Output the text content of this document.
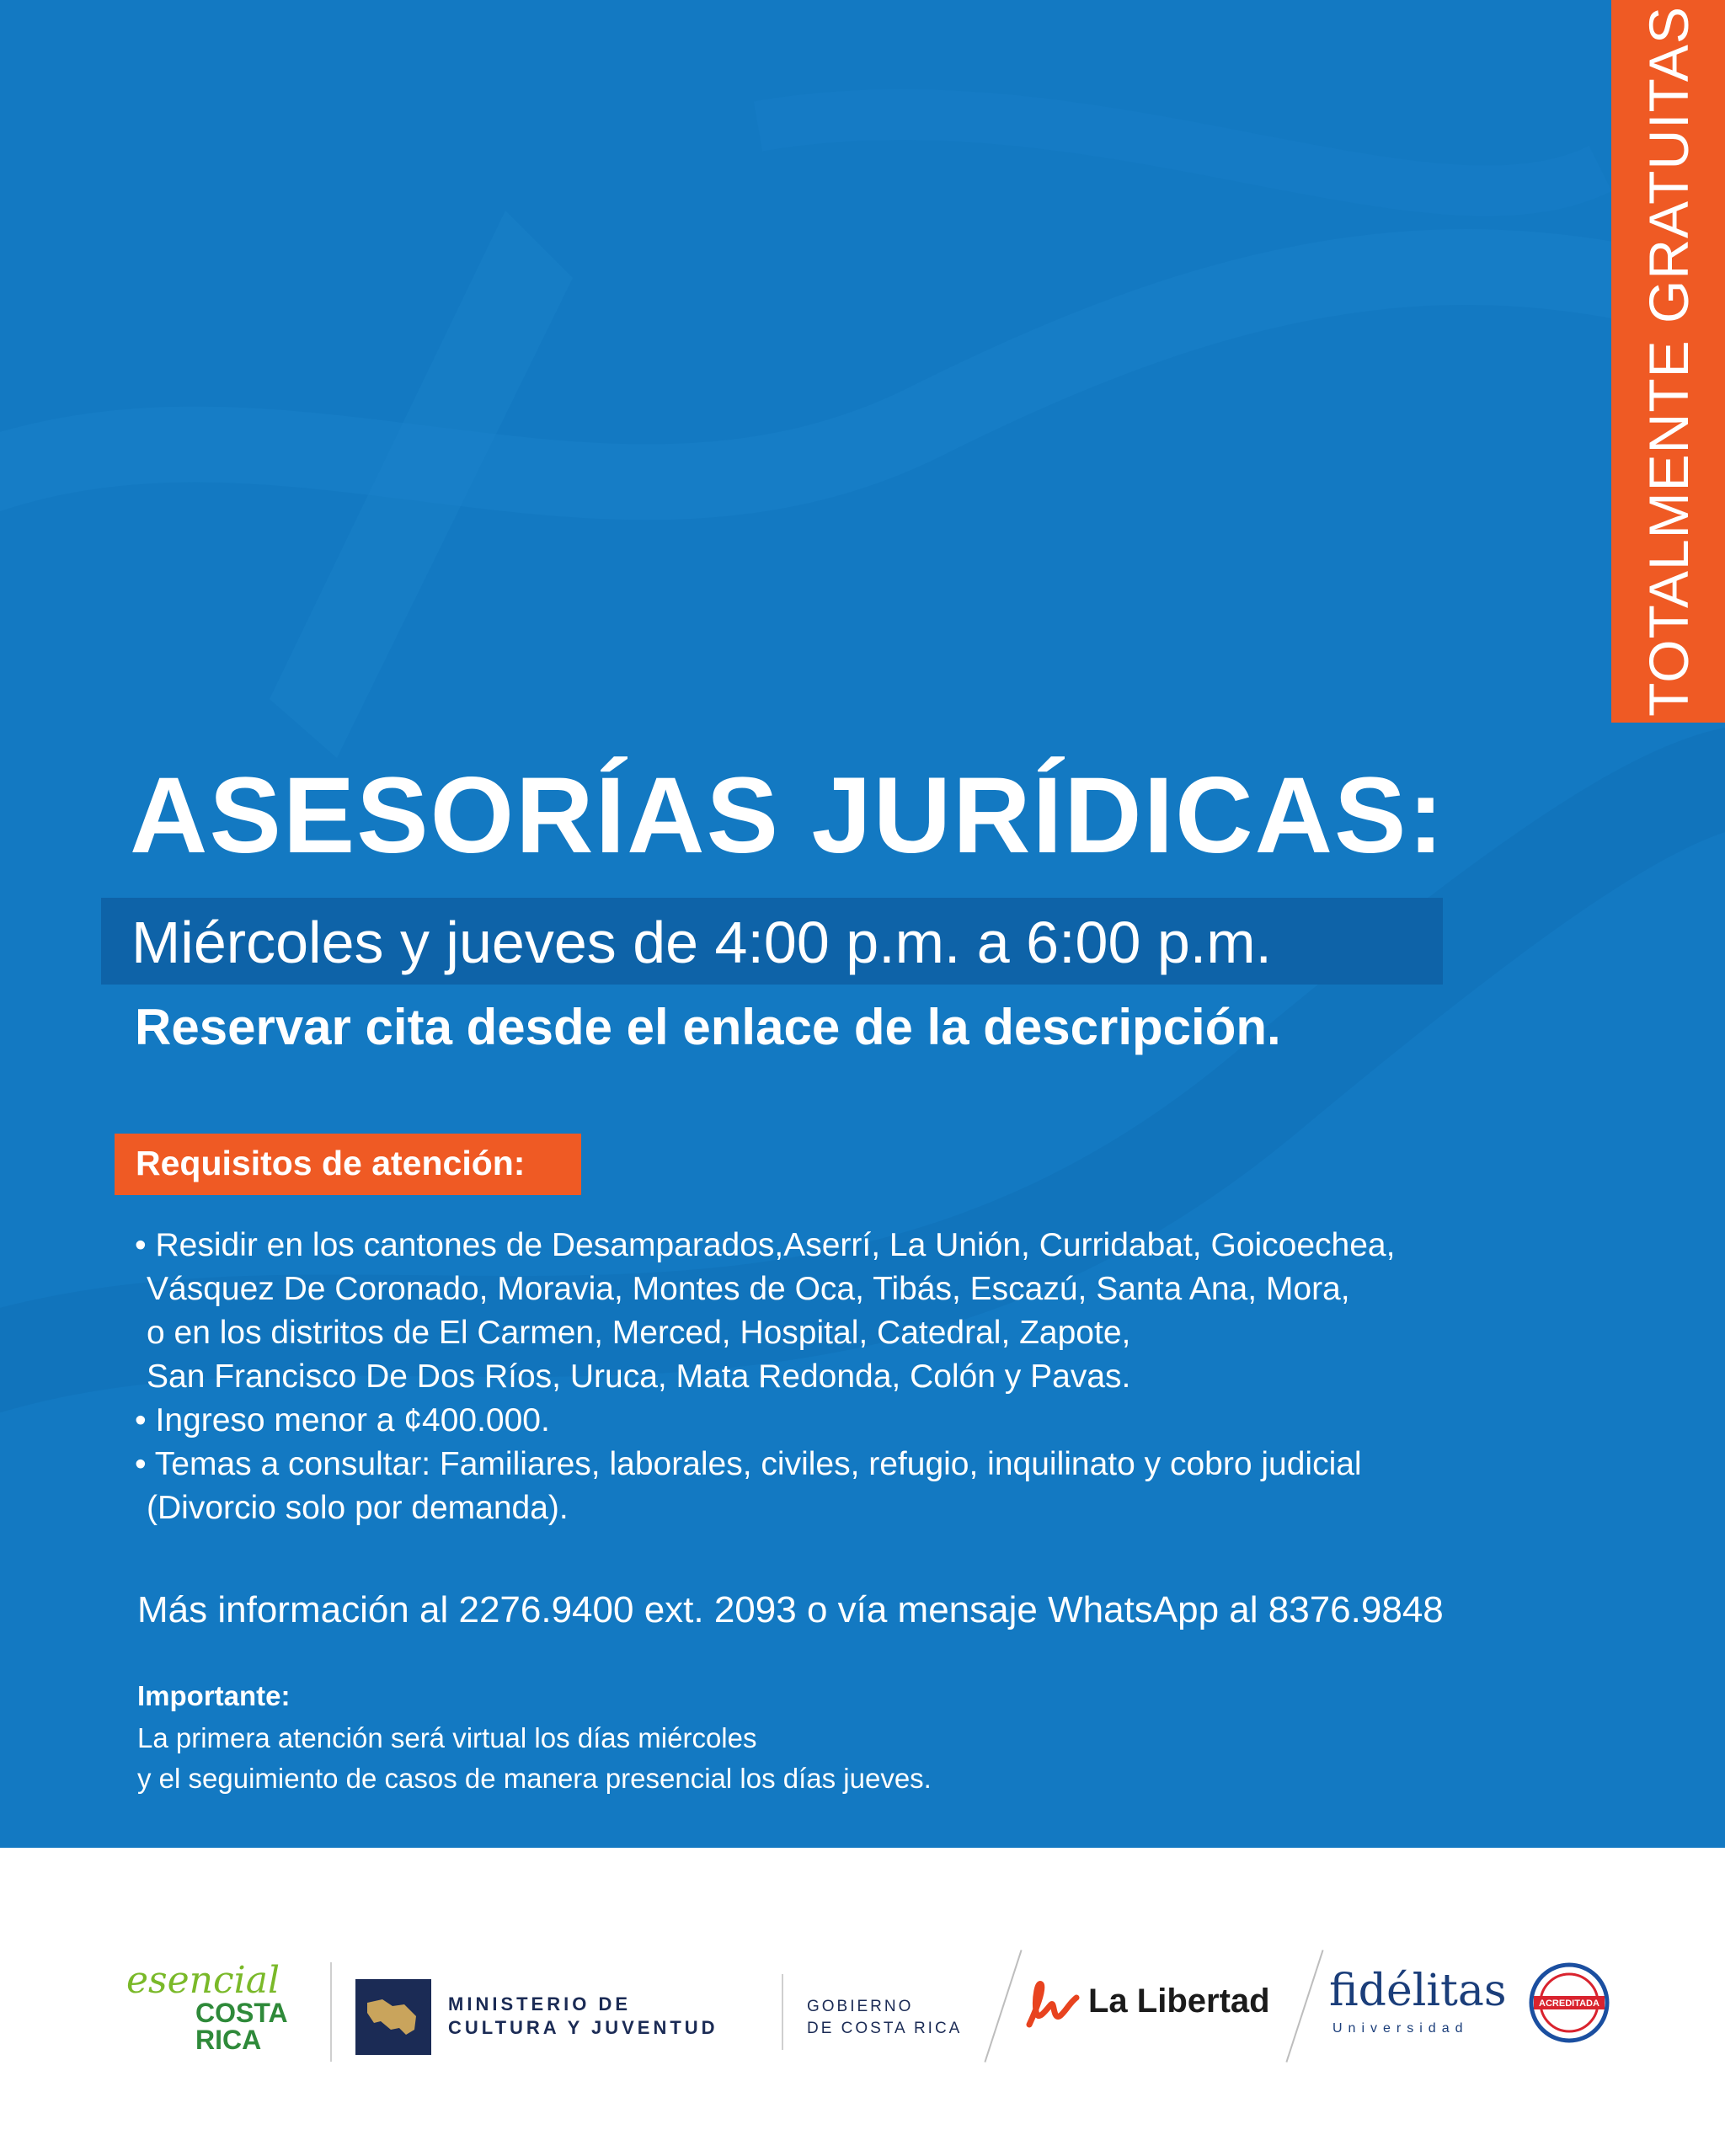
TOTALMENTE GRATUITAS
ASESORÍAS JURÍDICAS:
Miércoles y jueves de 4:00 p.m. a 6:00 p.m.
Reservar cita desde el enlace de la descripción.
Requisitos de atención:
• Residir en los cantones de Desamparados,Aserrí, La Unión, Curridabat, Goicoechea,
Vásquez De Coronado, Moravia, Montes de Oca, Tibás, Escazú, Santa Ana, Mora,
o en los distritos de El Carmen, Merced, Hospital, Catedral, Zapote,
San Francisco De Dos Ríos, Uruca, Mata Redonda, Colón y Pavas.
• Ingreso menor a ¢400.000.
• Temas a consultar: Familiares, laborales, civiles, refugio, inquilinato y cobro judicial
(Divorcio solo por demanda).
Más información al 2276.9400 ext. 2093 o vía mensaje WhatsApp al 8376.9848
Importante:
La primera atención será virtual los días miércoles
y el seguimiento de casos de manera presencial los días jueves.
esencial
COSTA
RICA
MINISTERIO DE
CULTURA Y JUVENTUD
GOBIERNO
DE COSTA RICA
La Libertad fidélitas
Universidad
ACREDITADA
